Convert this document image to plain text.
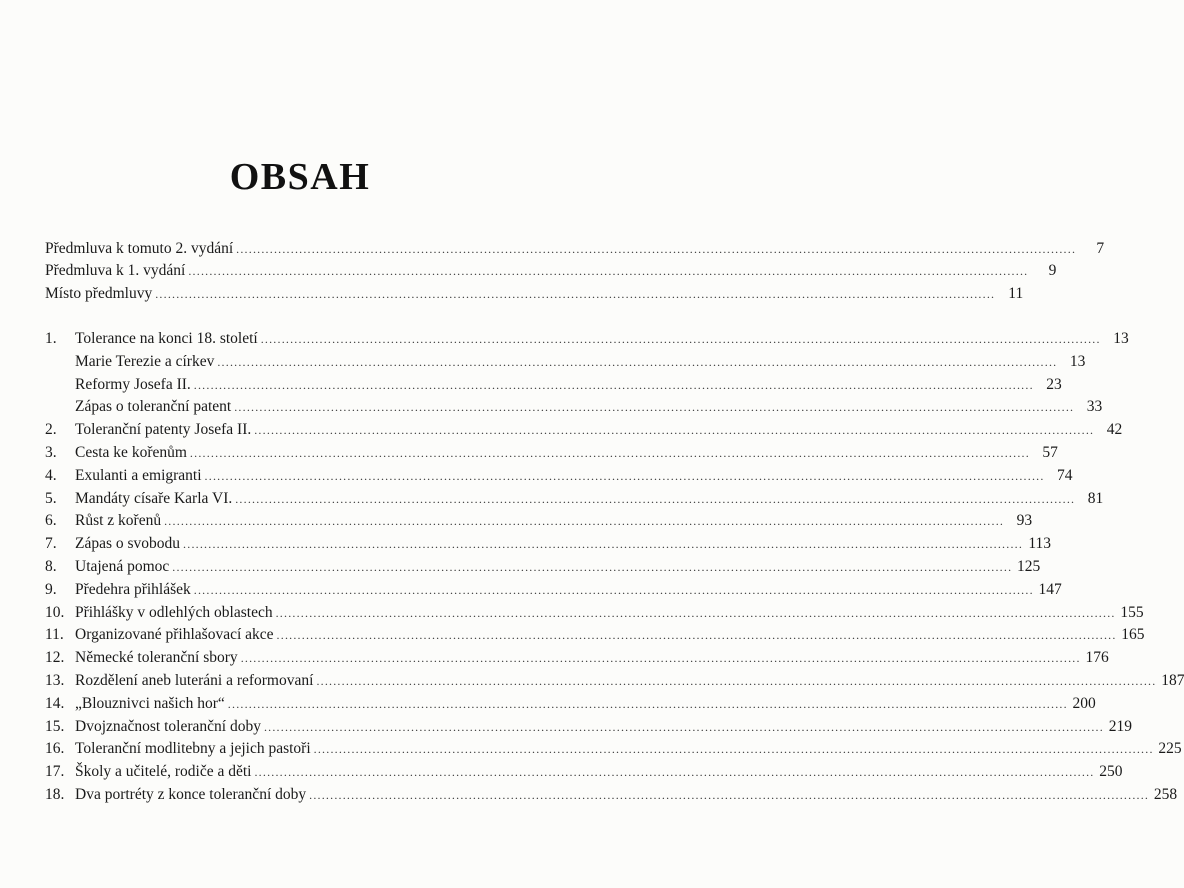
OBSAH
Předmluva k tomuto 2. vydání ........................................................................................................................................................................................................	7
Předmluva k 1. vydání ........................................................................................................................................................................................................	9
Místo předmluvy ........................................................................................................................................................................................................ 11
1.	Tolerance na konci 18. století ........................................................................................................................................................................................................ 13
Marie Terezie a církev ........................................................................................................................................................................................................ 13
Reformy Josefa II. ........................................................................................................................................................................................................ 23
Zápas o toleranční patent ........................................................................................................................................................................................................ 33
2.	Toleranční patenty Josefa II. ........................................................................................................................................................................................................ 42
3.	Cesta ke kořenům ........................................................................................................................................................................................................ 57
4.	Exulanti a emigranti ........................................................................................................................................................................................................ 74
5.	Mandáty císaře Karla VI. ........................................................................................................................................................................................................ 81
6.	Růst z kořenů ........................................................................................................................................................................................................ 93
7.	Zápas o svobodu ........................................................................................................................................................................................................ 113
8.	Utajená pomoc ........................................................................................................................................................................................................ 125
9.	Předehra přihlášek ........................................................................................................................................................................................................ 147
10. Přihlášky v odlehlých oblastech ........................................................................................................................................................................................................ 155
11. Organizované přihlašovací akce ........................................................................................................................................................................................................ 165
12. Německé toleranční sbory ........................................................................................................................................................................................................ 176
13. Rozdělení aneb luteráni a reformovaní ........................................................................................................................................................................................................ 187
14. „Blouznivci našich hor“ ........................................................................................................................................................................................................ 200
15. Dvojznačnost toleranční doby ........................................................................................................................................................................................................ 219
16. Toleranční modlitebny a jejich pastoři ........................................................................................................................................................................................................ 225
17. Školy a učitelé, rodiče a děti ........................................................................................................................................................................................................ 250
18. Dva portréty z konce toleranční doby ........................................................................................................................................................................................................ 258
